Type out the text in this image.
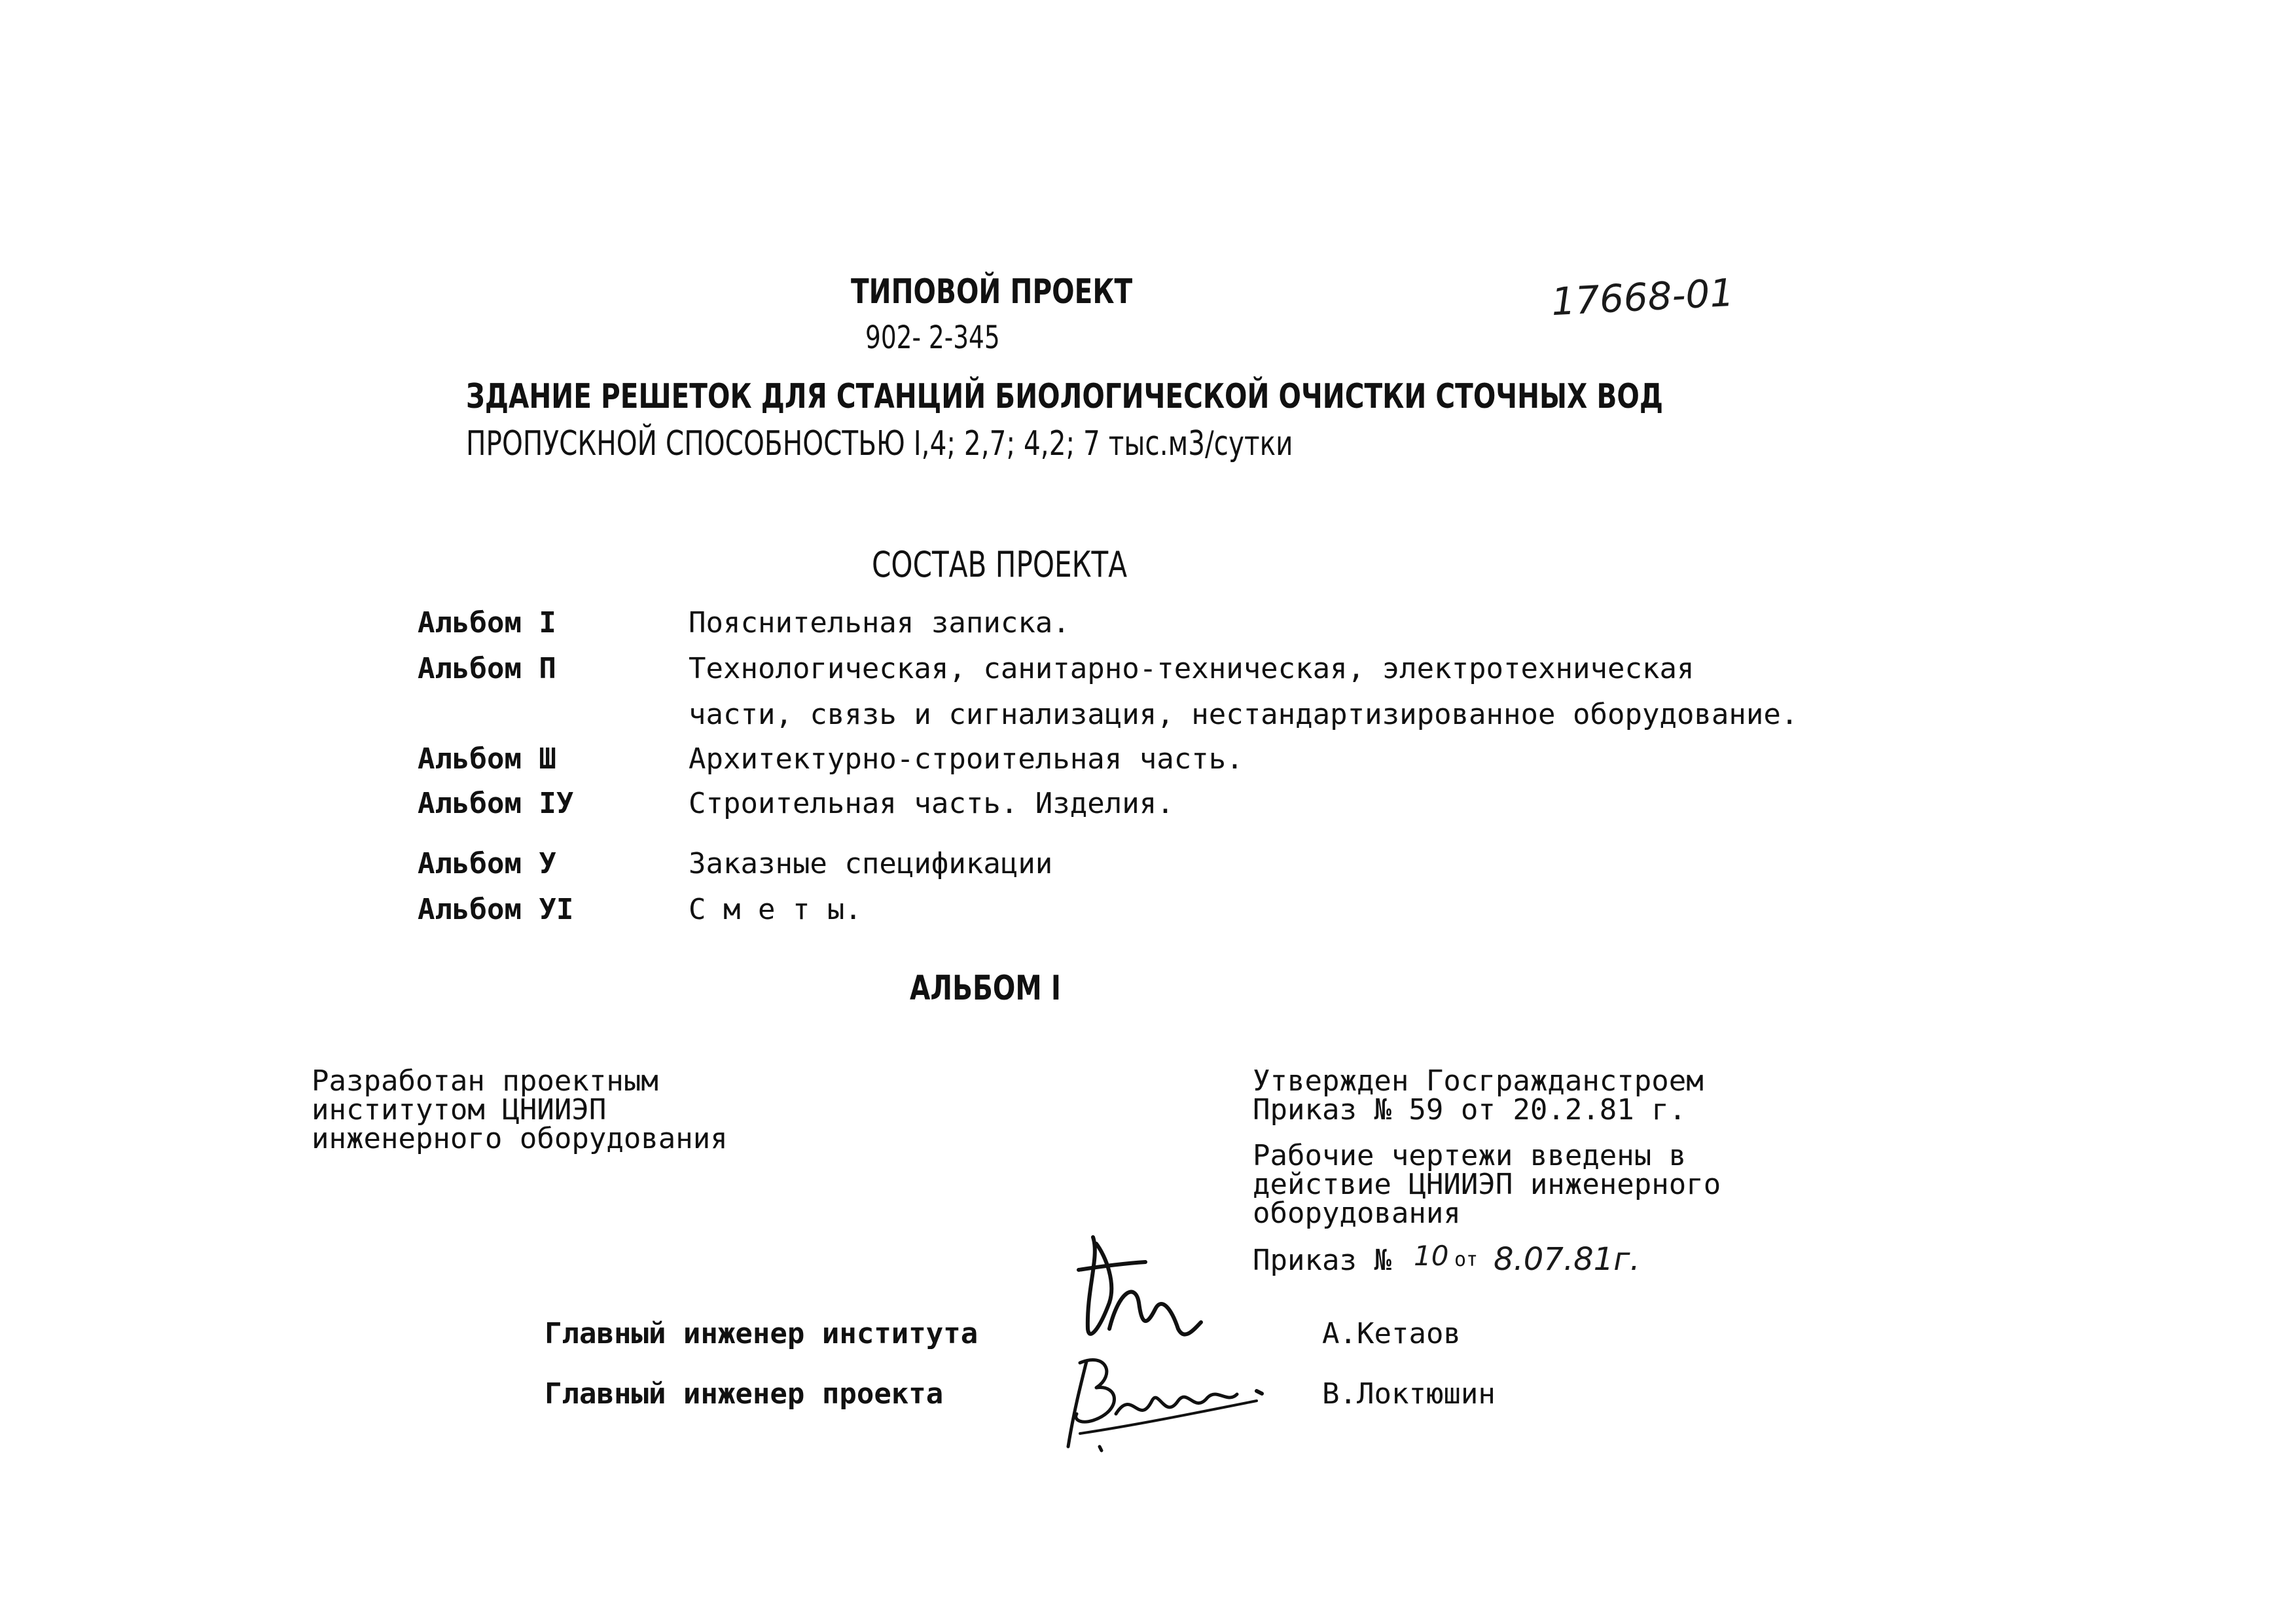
ТИПОВОЙ ПРОЕКТ
902- 2-345
17668-01
ЗДАНИЕ РЕШЕТОК ДЛЯ СТАНЦИЙ БИОЛОГИЧЕСКОЙ ОЧИСТКИ СТОЧНЫХ ВОД
ПРОПУСКНОЙ СПОСОБНОСТЬЮ I,4; 2,7; 4,2; 7 тыс.м3/сутки
СОСТАВ ПРОЕКТА
Альбом I	Пояснительная записка.
Альбом П	Технологическая, санитарно-техническая, электротехническая
части, связь и сигнализация, нестандартизированное оборудование.
Альбом Ш	Архитектурно-строительная часть.
Альбом IУ	Строительная часть. Изделия.
Альбом У	Заказные спецификации
Альбом УI	С м е т ы.
АЛЬБОМ I
Разработан проектным
институтом ЦНИИЭП
инженерного оборудования
Утвержден Госгражданстроем
Приказ № 59 от 20.2.81 г.
Рабочие чертежи введены в
действие ЦНИИЭП инженерного
оборудования
Приказ № 10 от 8.07.81г.
Главный инженер института
Главный инженер проекта
А.Кетаов
В.Локтюшин
